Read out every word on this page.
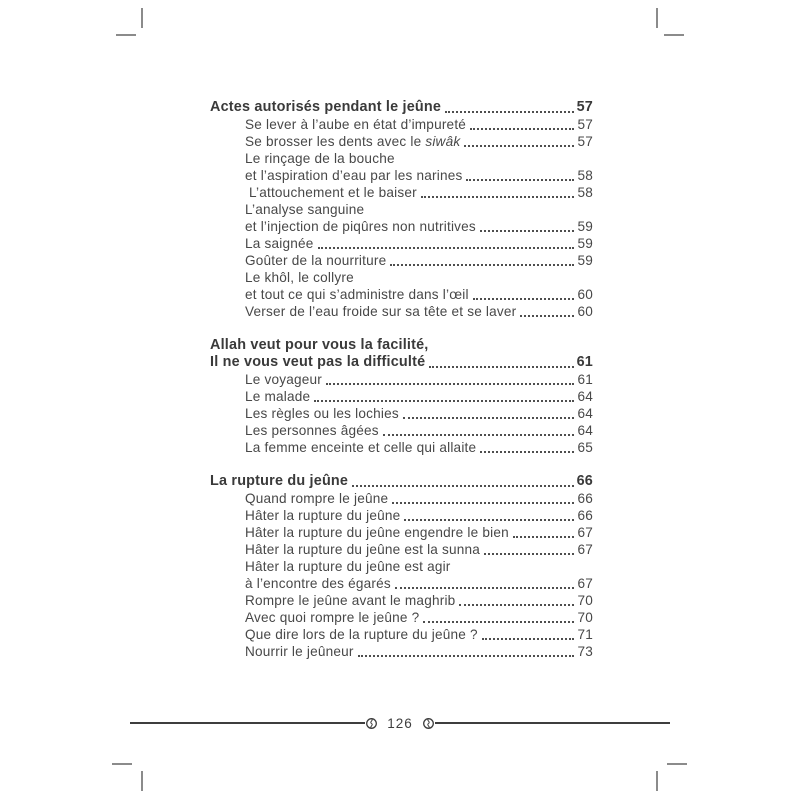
Actes autorisés pendant le jeûne	57
Se lever à l’aube en état d’impureté	57
Se brosser les dents avec le siwâk	57
Le rinçage de la bouche
et l’aspiration d’eau par les narines	58
L’attouchement et le baiser	58
L’analyse sanguine
et l’injection de piqûres non nutritives	59
La saignée	59
Goûter de la nourriture	59
Le khôl, le collyre
et tout ce qui s’administre dans l’œil	60
Verser de l’eau froide sur sa tête et se laver	60
Allah veut pour vous la facilité,
Il ne vous veut pas la difficulté	61
Le voyageur	61
Le malade	64
Les règles ou les lochies	64
Les personnes âgées	64
La femme enceinte et celle qui allaite	65
La rupture du jeûne	66
Quand rompre le jeûne	66
Hâter la rupture du jeûne	66
Hâter la rupture du jeûne engendre le bien	67
Hâter la rupture du jeûne est la sunna	67
Hâter la rupture du jeûne est agir
à l’encontre des égarés	67
Rompre le jeûne avant le maghrib	70
Avec quoi rompre le jeûne ?	70
Que dire lors de la rupture du jeûne ?	71
Nourrir le jeûneur	73
126
